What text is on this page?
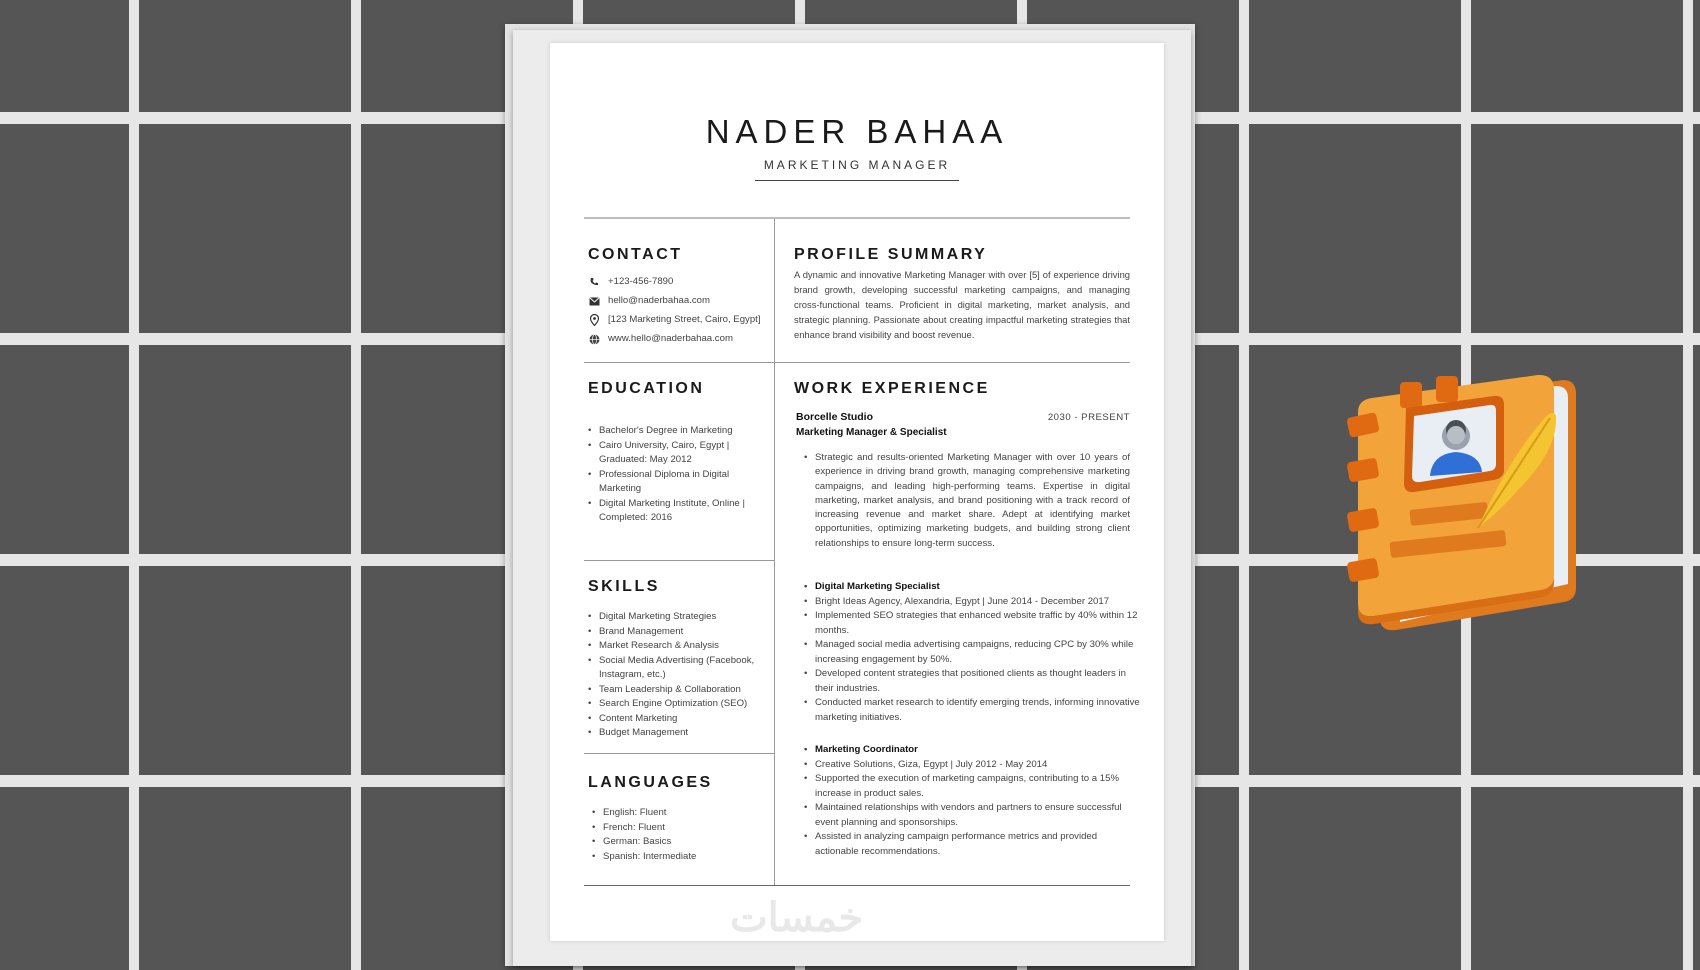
NADER BAHAA
MARKETING MANAGER
CONTACT
+123-456-7890
hello@naderbahaa.com
[123 Marketing Street, Cairo, Egypt]
www.hello@naderbahaa.com
EDUCATION
• Bachelor's Degree in Marketing
• Cairo University, Cairo, Egypt | Graduated: May 2012
• Professional Diploma in Digital Marketing
• Digital Marketing Institute, Online | Completed: 2016
SKILLS
• Digital Marketing Strategies
• Brand Management
• Market Research & Analysis
• Social Media Advertising (Facebook, Instagram, etc.)
• Team Leadership & Collaboration
• Search Engine Optimization (SEO)
• Content Marketing
• Budget Management
LANGUAGES
• English: Fluent
• French: Fluent
• German: Basics
• Spanish: Intermediate
PROFILE SUMMARY
A dynamic and innovative Marketing Manager with over [5] of experience driving brand growth, developing successful marketing campaigns, and managing cross-functional teams. Proficient in digital marketing, market analysis, and strategic planning. Passionate about creating impactful marketing strategies that enhance brand visibility and boost revenue.
WORK EXPERIENCE
Borcelle Studio	2030 - PRESENT
Marketing Manager & Specialist
• Strategic and results-oriented Marketing Manager with over 10 years of experience in driving brand growth, managing comprehensive marketing campaigns, and leading high-performing teams. Expertise in digital marketing, market analysis, and brand positioning with a track record of increasing revenue and market share. Adept at identifying market opportunities, optimizing marketing budgets, and building strong client relationships to ensure long-term success.
• Digital Marketing Specialist
• Bright Ideas Agency, Alexandria, Egypt | June 2014 - December 2017
• Implemented SEO strategies that enhanced website traffic by 40% within 12 months.
• Managed social media advertising campaigns, reducing CPC by 30% while increasing engagement by 50%.
• Developed content strategies that positioned clients as thought leaders in their industries.
• Conducted market research to identify emerging trends, informing innovative marketing initiatives.
• Marketing Coordinator
• Creative Solutions, Giza, Egypt | July 2012 - May 2014
• Supported the execution of marketing campaigns, contributing to a 15% increase in product sales.
• Maintained relationships with vendors and partners to ensure successful event planning and sponsorships.
• Assisted in analyzing campaign performance metrics and provided actionable recommendations.
خمسات
